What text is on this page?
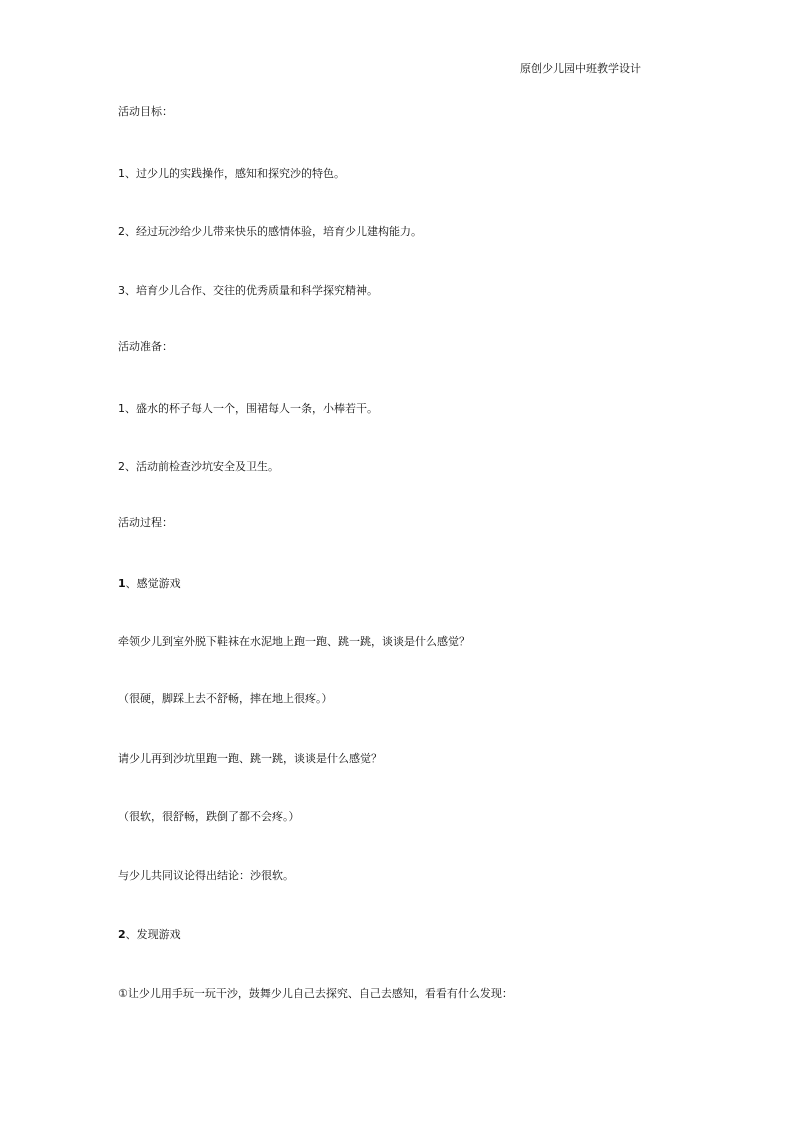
原创少儿园中班教学设计
活动目标：
1、过少儿的实践操作，感知和探究沙的特色。
2、经过玩沙给少儿带来快乐的感情体验，培育少儿建构能力。
3、培育少儿合作、交往的优秀质量和科学探究精神。
活动准备：
1、盛水的杯子每人一个，围裙每人一条，小棒若干。
2、活动前检查沙坑安全及卫生。
活动过程：
1、感觉游戏
牵领少儿到室外脱下鞋袜在水泥地上跑一跑、跳一跳，谈谈是什么感觉？
（很硬，脚踩上去不舒畅，摔在地上很疼。）
请少儿再到沙坑里跑一跑、跳一跳，谈谈是什么感觉？
（很软，很舒畅，跌倒了都不会疼。）
与少儿共同议论得出结论：沙很软。
2、发现游戏
①让少儿用手玩一玩干沙，鼓舞少儿自己去探究、自己去感知，看看有什么发现：
